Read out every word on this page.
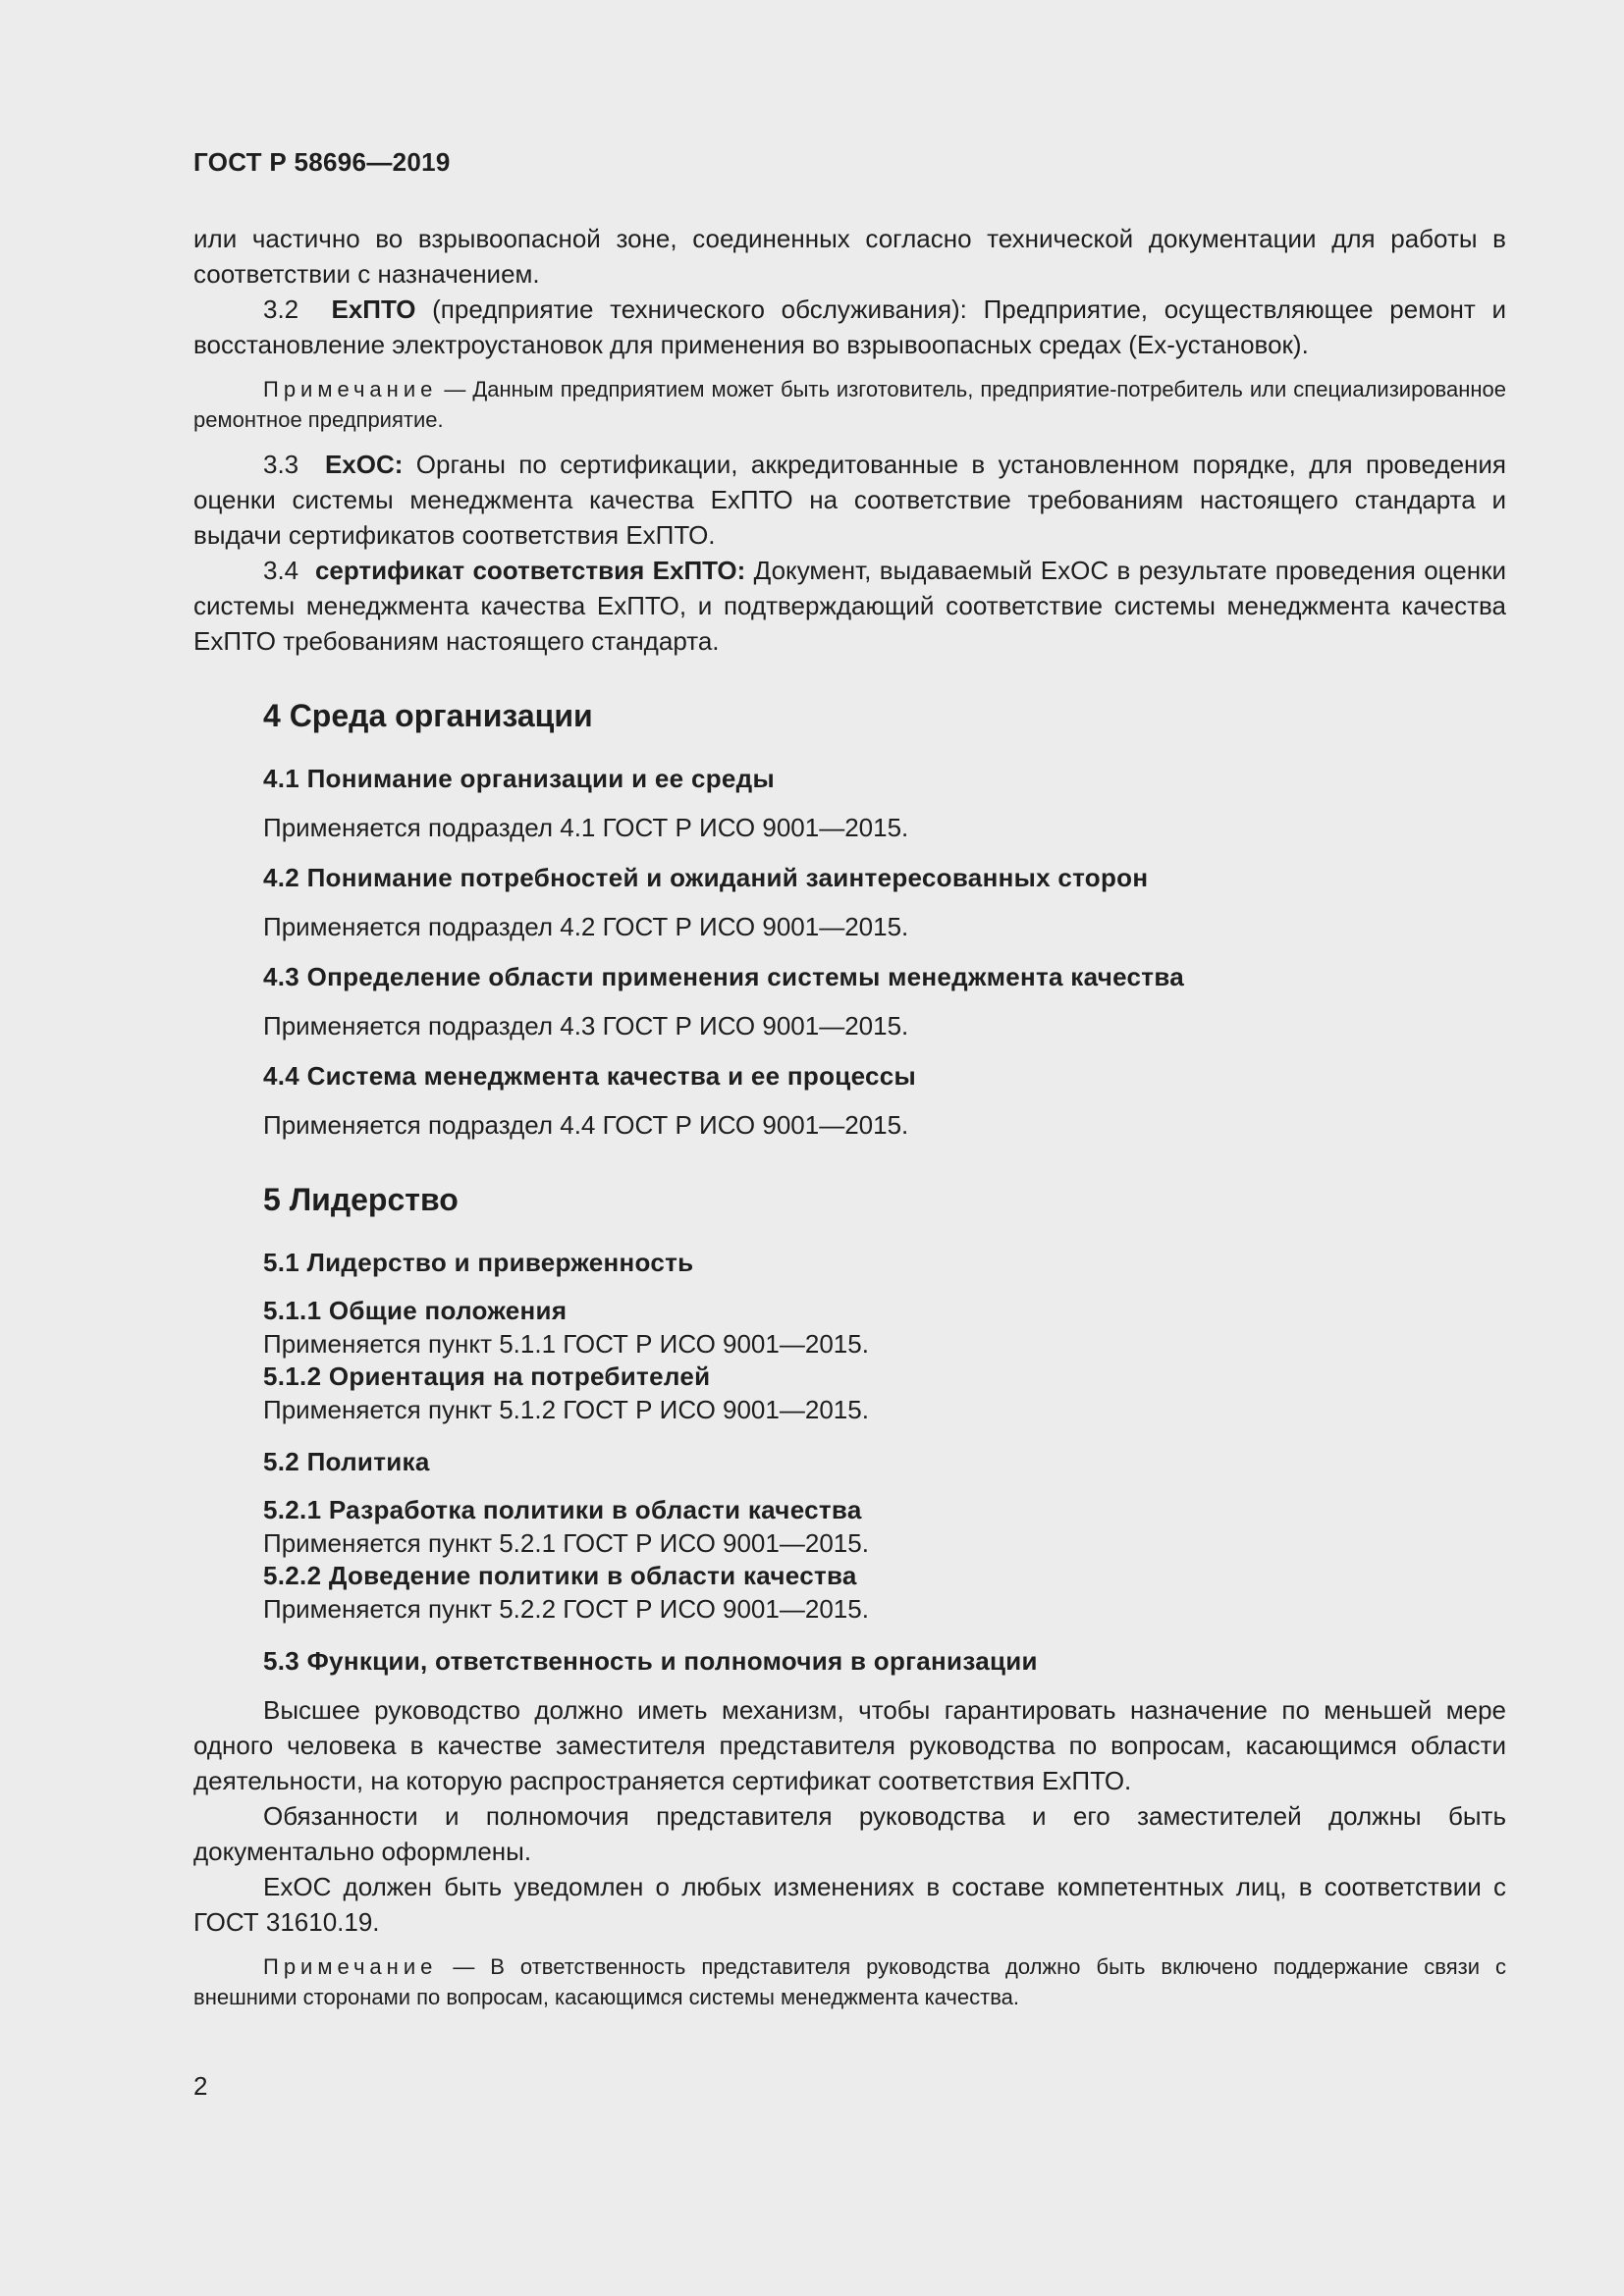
ГОСТ Р 58696—2019

или частично во взрывоопасной зоне, соединенных согласно технической документации для работы в соответствии с назначением.

3.2 ЕхПТО (предприятие технического обслуживания): Предприятие, осуществляющее ремонт и восстановление электроустановок для применения во взрывоопасных средах (Ех-установок).

Примечание — Данным предприятием может быть изготовитель, предприятие-потребитель или специализированное ремонтное предприятие.

3.3 ЕхОС: Органы по сертификации, аккредитованные в установленном порядке, для проведения оценки системы менеджмента качества ЕхПТО на соответствие требованиям настоящего стандарта и выдачи сертификатов соответствия ЕхПТО.

3.4 сертификат соответствия ЕхПТО: Документ, выдаваемый ЕхОС в результате проведения оценки системы менеджмента качества ЕхПТО, и подтверждающий соответствие системы менеджмента качества ЕхПТО требованиям настоящего стандарта.

4 Среда организации
4.1 Понимание организации и ее среды

Применяется подраздел 4.1 ГОСТ Р ИСО 9001—2015.

4.2 Понимание потребностей и ожиданий заинтересованных сторон

Применяется подраздел 4.2 ГОСТ Р ИСО 9001—2015.

4.3 Определение области применения системы менеджмента качества

Применяется подраздел 4.3 ГОСТ Р ИСО 9001—2015.

4.4 Система менеджмента качества и ее процессы

Применяется подраздел 4.4 ГОСТ Р ИСО 9001—2015.

5 Лидерство
5.1 Лидерство и приверженность
5.1.1 Общие положения

Применяется пункт 5.1.1 ГОСТ Р ИСО 9001—2015.

5.1.2 Ориентация на потребителей

Применяется пункт 5.1.2 ГОСТ Р ИСО 9001—2015.

5.2 Политика
5.2.1 Разработка политики в области качества

Применяется пункт 5.2.1 ГОСТ Р ИСО 9001—2015.

5.2.2 Доведение политики в области качества

Применяется пункт 5.2.2 ГОСТ Р ИСО 9001—2015.

5.3 Функции, ответственность и полномочия в организации

Высшее руководство должно иметь механизм, чтобы гарантировать назначение по меньшей мере одного человека в качестве заместителя представителя руководства по вопросам, касающимся области деятельности, на которую распространяется сертификат соответствия ЕхПТО.

Обязанности и полномочия представителя руководства и его заместителей должны быть документально оформлены.

ЕхОС должен быть уведомлен о любых изменениях в составе компетентных лиц, в соответствии с ГОСТ 31610.19.

Примечание — В ответственность представителя руководства должно быть включено поддержание связи с внешними сторонами по вопросам, касающимся системы менеджмента качества.

2
